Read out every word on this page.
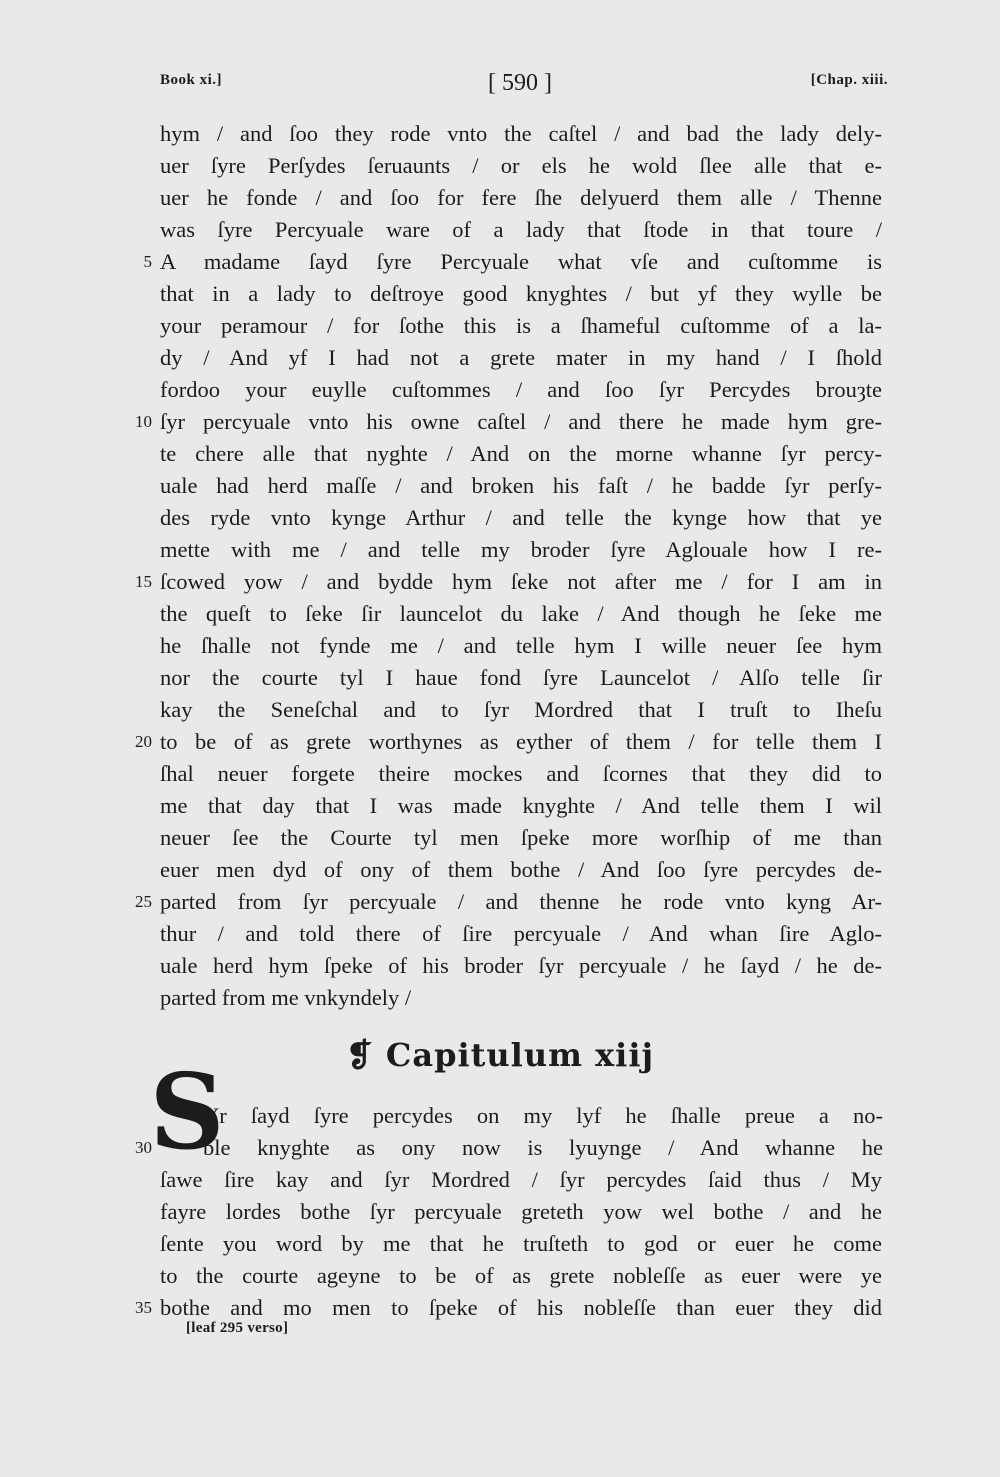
Book xi.]	[ 590 ]	[Chap. xiii.
hym / and ſoo they rode vnto the caſtel / and bad the lady dely-
uer ſyre Perſydes ſeruaunts / or els he wold ſlee alle that e-
uer he fonde / and ſoo for fere ſhe delyuerd them alle / Thenne
was ſyre Percyuale ware of a lady that ſtode in that toure /
A madame ſayd ſyre Percyuale what vſe and cuſtomme is
that in a lady to deſtroye good knyghtes / but yf they wylle be
your peramour / for ſothe this is a ſhameful cuſtomme of a la-
dy / And yf I had not a grete mater in my hand / I ſhold
fordoo your euylle cuſtommes / and ſoo ſyr Percydes brouȝte
ſyr percyuale vnto his owne caſtel / and there he made hym gre-
te chere alle that nyghte / And on the morne whanne ſyr percy-
uale had herd maſſe / and broken his faſt / he badde ſyr perſy-
des ryde vnto kynge Arthur / and telle the kynge how that ye
mette with me / and telle my broder ſyre Aglouale how I re-
ſcowed yow / and bydde hym ſeke not after me / for I am in
the queſt to ſeke ſir launcelot du lake / And though he ſeke me
he ſhalle not fynde me / and telle hym I wille neuer ſee hym
nor the courte tyl I haue fond ſyre Launcelot / Alſo telle ſir
kay the Seneſchal and to ſyr Mordred that I truſt to Iheſu
to be of as grete worthynes as eyther of them / for telle them I
ſhal neuer forgete theire mockes and ſcornes that they did to
me that day that I was made knyghte / And telle them I wil
neuer ſee the Courte tyl men ſpeke more worſhip of me than
euer men dyd of ony of them bothe / And ſoo ſyre percydes de-
parted from ſyr percyuale / and thenne he rode vnto kyng Ar-
thur / and told there of ſire percyuale / And whan ſire Aglo-
uale herd hym ſpeke of his broder ſyr percyuale / he ſayd / he de-
parted from me vnkyndely /
5
10
15
20
25
❡ Capitulum xiij
S
Yr ſayd ſyre percydes on my lyf he ſhalle preue a no-
ble knyghte as ony now is lyuynge / And whanne he
ſawe ſire kay and ſyr Mordred / ſyr percydes ſaid thus / My
fayre lordes bothe ſyr percyuale greteth yow wel bothe / and he
ſente you word by me that he truſteth to god or euer he come
to the courte ageyne to be of as grete nobleſſe as euer were ye
bothe and mo men to ſpeke of his nobleſſe than euer they did
30
35
[leaf 295 verso]
